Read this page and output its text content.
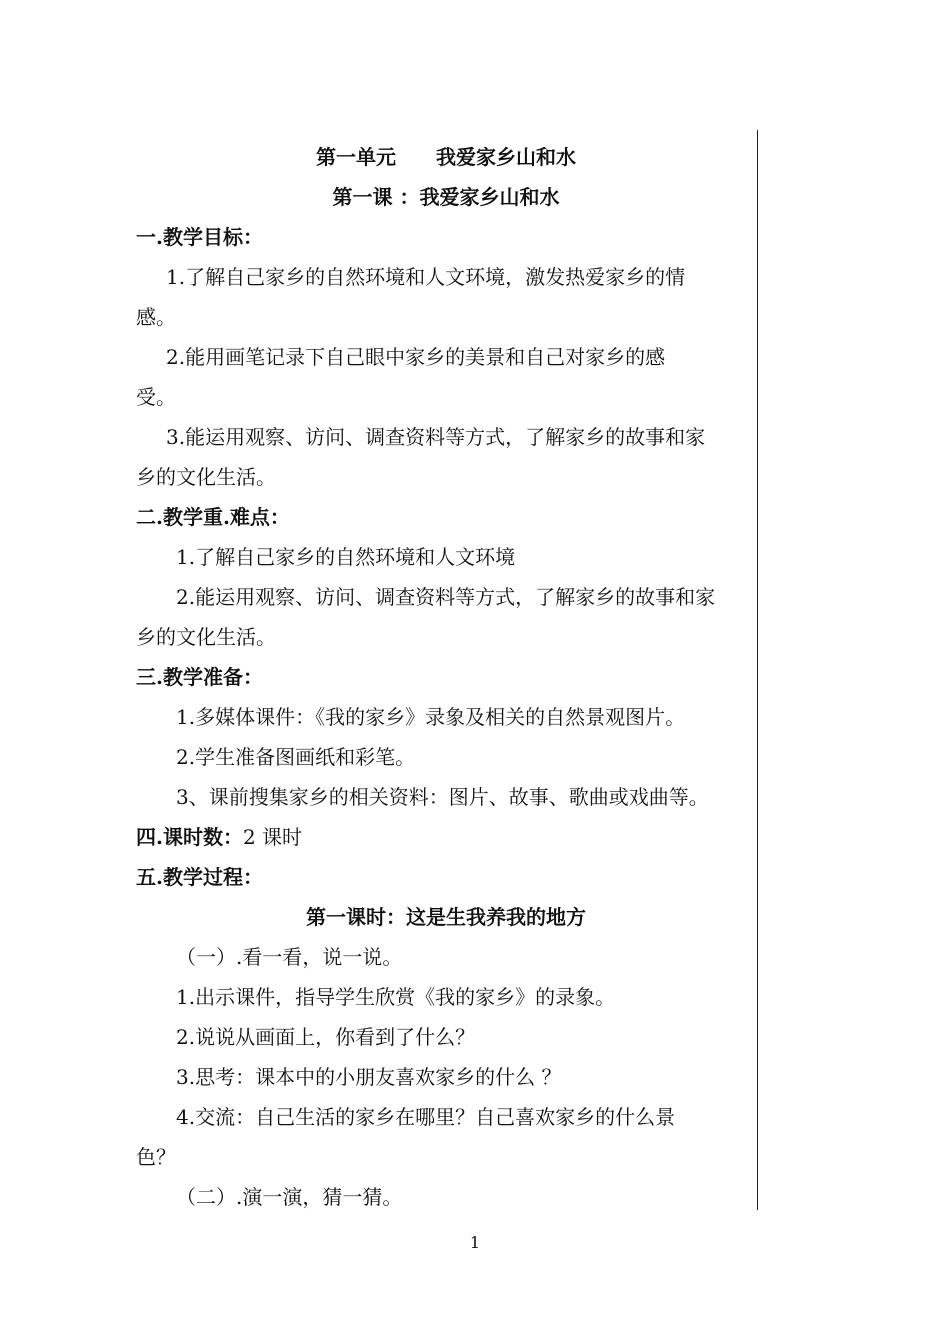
第一单元　　我爱家乡山和水
第一课 ：我爱家乡山和水
一.教学目标：
1.了解自己家乡的自然环境和人文环境，激发热爱家乡的情
感。
2.能用画笔记录下自己眼中家乡的美景和自己对家乡的感
受。
3.能运用观察、访问、调查资料等方式，了解家乡的故事和家
乡的文化生活。
二.教学重.难点：
1.了解自己家乡的自然环境和人文环境
2.能运用观察、访问、调查资料等方式，了解家乡的故事和家
乡的文化生活。
三.教学准备：
1.多媒体课件：《我的家乡》录象及相关的自然景观图片。
2.学生准备图画纸和彩笔。
3、课前搜集家乡的相关资料：图片、故事、歌曲或戏曲等。
四.课时数：2 课时
五.教学过程：
第一课时：这是生我养我的地方
（一）.看一看，说一说。
1.出示课件，指导学生欣赏《我的家乡》的录象。
2.说说从画面上，你看到了什么？
3.思考：课本中的小朋友喜欢家乡的什么 ？
4.交流：自己生活的家乡在哪里？自己喜欢家乡的什么景
色？
（二）.演一演，猜一猜。
1
